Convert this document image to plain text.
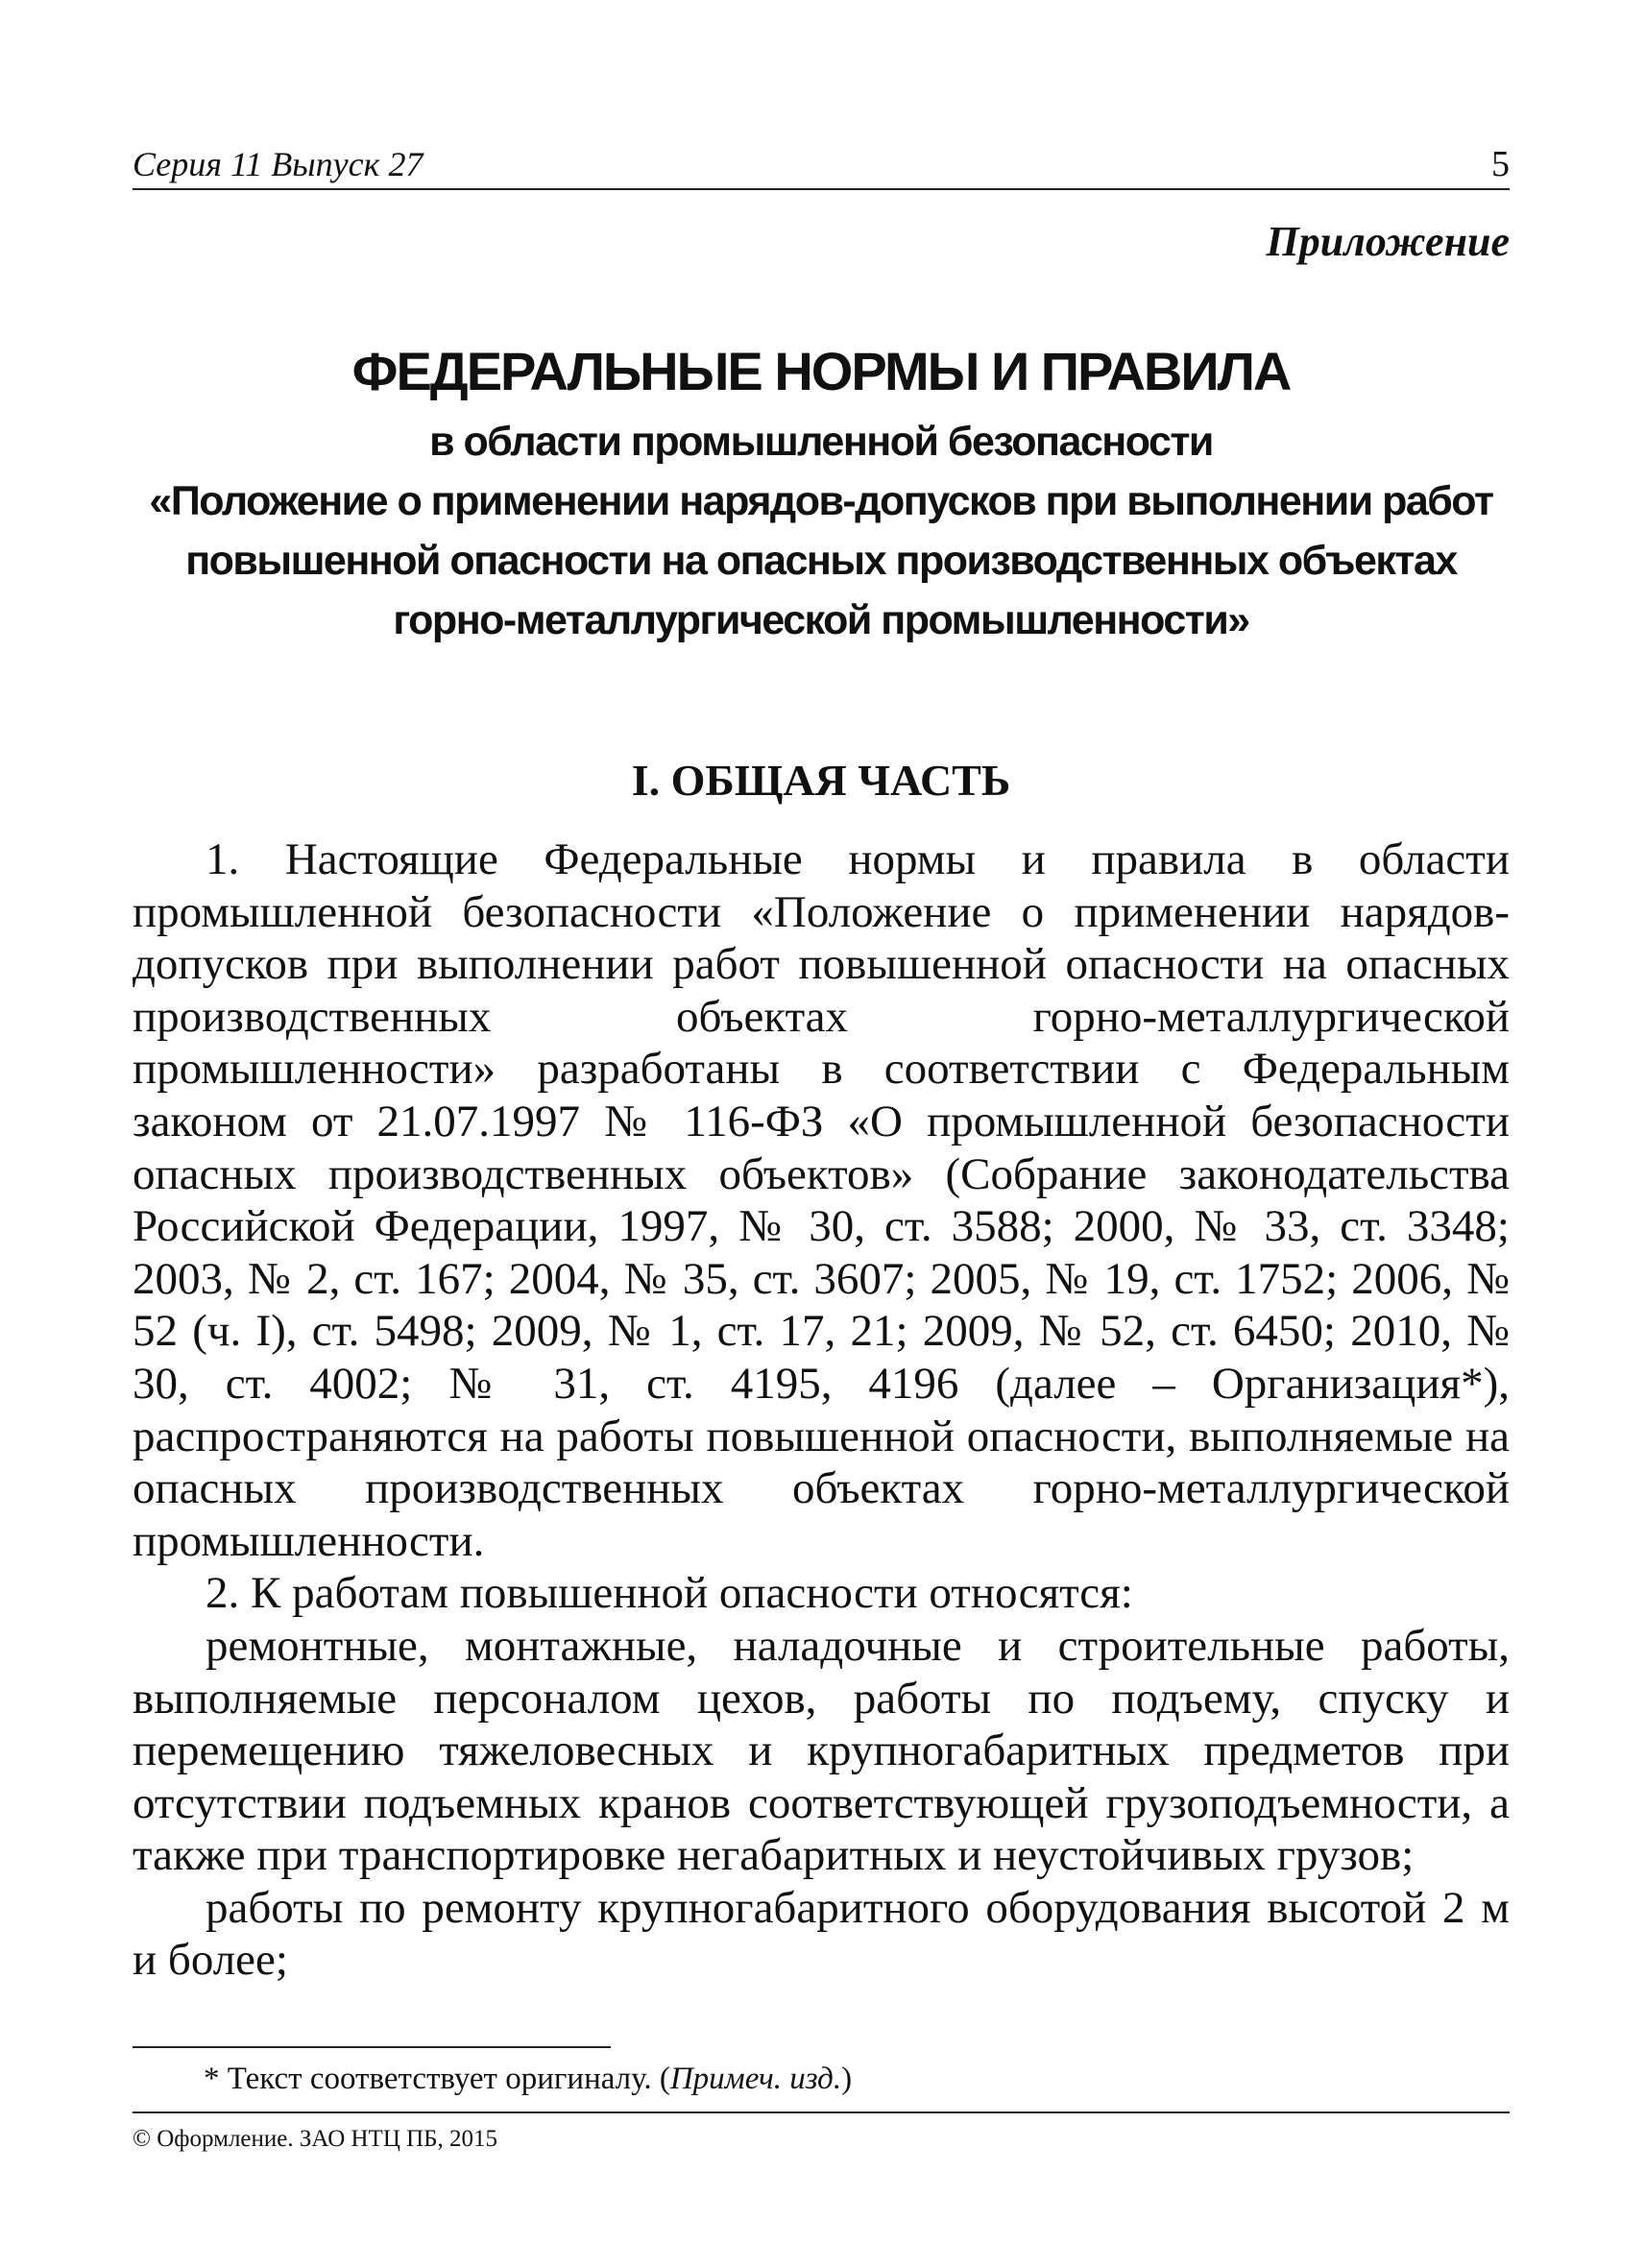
Серия 11 Выпуск 27	5
Приложение
ФЕДЕРАЛЬНЫЕ НОРМЫ И ПРАВИЛА
в области промышленной безопасности
«Положение о применении нарядов-допусков при выполнении работ
повышенной опасности на опасных производственных объектах
горно-металлургической промышленности»
I. ОБЩАЯ ЧАСТЬ

1. Настоящие Федеральные нормы и правила в области промышленной безопасности «Положение о применении нарядов-допусков при выполнении работ повышенной опасности на опасных производственных объектах горно-металлургической промышленности» разработаны в соответствии с Федеральным законом от 21.07.1997 № 116-ФЗ «О промышленной безопасности опасных производственных объектов» (Собрание законодательства Российской Федерации, 1997, № 30, ст. 3588; 2000, № 33, ст. 3348; 2003, № 2, ст. 167; 2004, № 35, ст. 3607; 2005, № 19, ст. 1752; 2006, № 52 (ч. I), ст. 5498; 2009, № 1, ст. 17, 21; 2009, № 52, ст. 6450; 2010, № 30, ст. 4002; № 31, ст. 4195, 4196 (далее – Организация*), распространяются на работы повышенной опасности, выполняемые на опасных производственных объектах горно-металлургической промышленности.

2. К работам повышенной опасности относятся:

ремонтные, монтажные, наладочные и строительные работы, выполняемые персоналом цехов, работы по подъему, спуску и перемещению тяжеловесных и крупногабаритных предметов при отсутствии подъемных кранов соответствующей грузоподъемности, а также при транспортировке негабаритных и неустойчивых грузов;

работы по ремонту крупногабаритного оборудования высотой 2 м и более;

* Текст соответствует оригиналу. (Примеч. изд.)
© Оформление. ЗАО НТЦ ПБ, 2015
